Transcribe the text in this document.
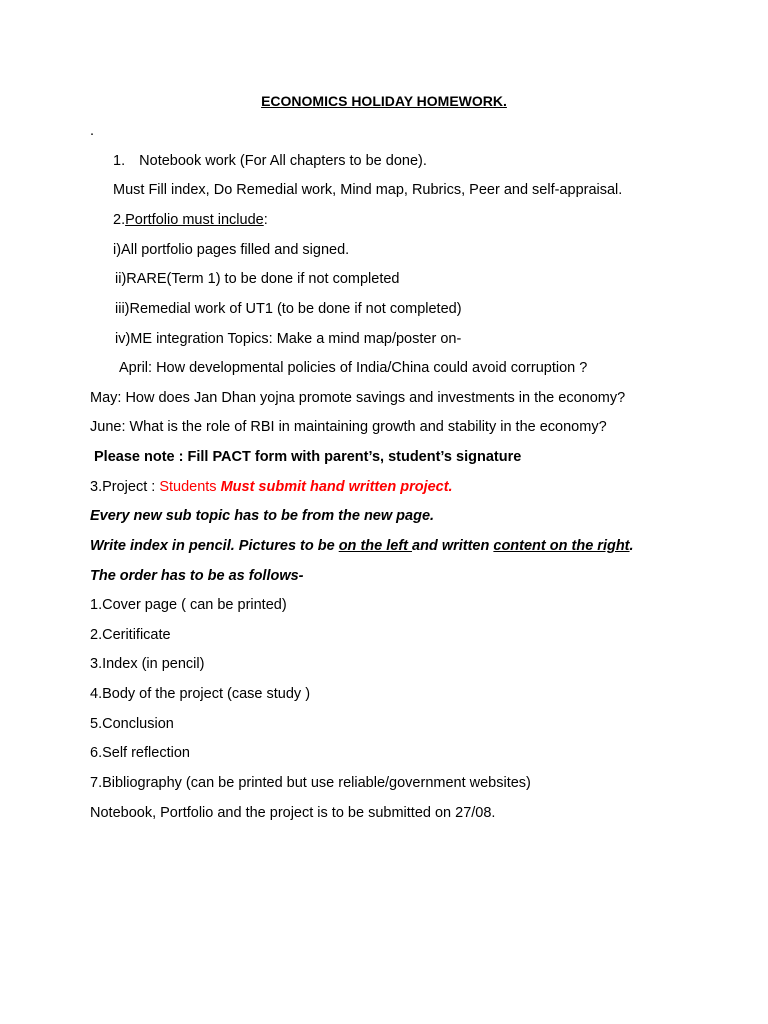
ECONOMICS HOLIDAY HOMEWORK.
.
1. Notebook work (For All chapters to be done).
Must Fill index, Do Remedial work, Mind map, Rubrics, Peer and self-appraisal.
2.Portfolio must include:
i)All portfolio pages filled and signed.
ii)RARE(Term 1) to be done if not completed
iii)Remedial work of UT1 (to be done if not completed)
iv)ME integration Topics: Make a mind map/poster on-
April: How developmental policies of India/China could avoid corruption ?
May: How does Jan Dhan yojna promote savings and investments in the economy?
June: What is the role of RBI in maintaining growth and stability in the economy?
Please note : Fill PACT form with parent’s, student’s signature
3.Project : Students Must submit hand written project.
Every new sub topic has to be from the new page.
Write index in pencil. Pictures to be on the left and written content on the right.
The order has to be as follows-
1.Cover page ( can be printed)
2.Ceritificate
3.Index (in pencil)
4.Body of the project (case study )
5.Conclusion
6.Self reflection
7.Bibliography (can be printed but use reliable/government websites)
Notebook, Portfolio and the project is to be submitted on 27/08.
